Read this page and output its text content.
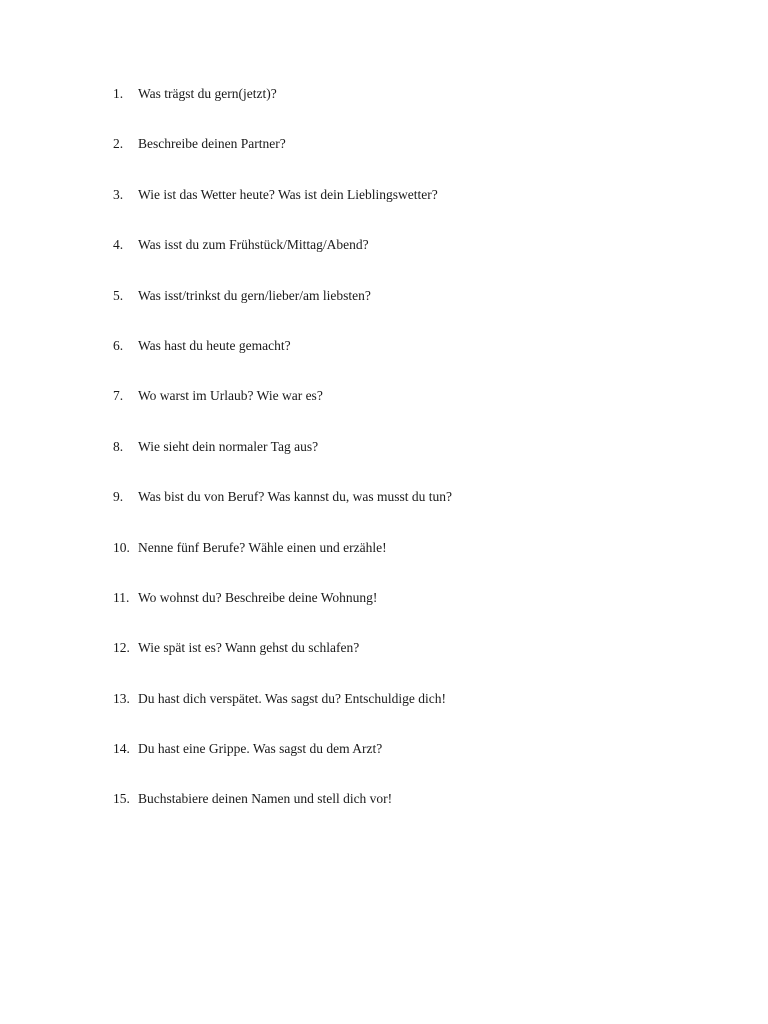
1.	Was trägst du gern(jetzt)?
2.	Beschreibe deinen Partner?
3.	Wie ist das Wetter heute? Was ist dein Lieblingswetter?
4.	Was isst du zum Frühstück/Mittag/Abend?
5.	Was isst/trinkst du gern/lieber/am liebsten?
6.	Was hast du heute gemacht?
7.	Wo warst im Urlaub? Wie war es?
8.	Wie sieht dein normaler Tag aus?
9.	Was bist du von Beruf? Was kannst du, was musst du tun?
10. Nenne fünf Berufe? Wähle einen und erzähle!
11. Wo wohnst du? Beschreibe deine Wohnung!
12. Wie spät ist es? Wann gehst du schlafen?
13. Du hast dich verspätet. Was sagst du? Entschuldige dich!
14. Du hast eine Grippe. Was sagst du dem Arzt?
15. Buchstabiere deinen Namen und stell dich vor!
